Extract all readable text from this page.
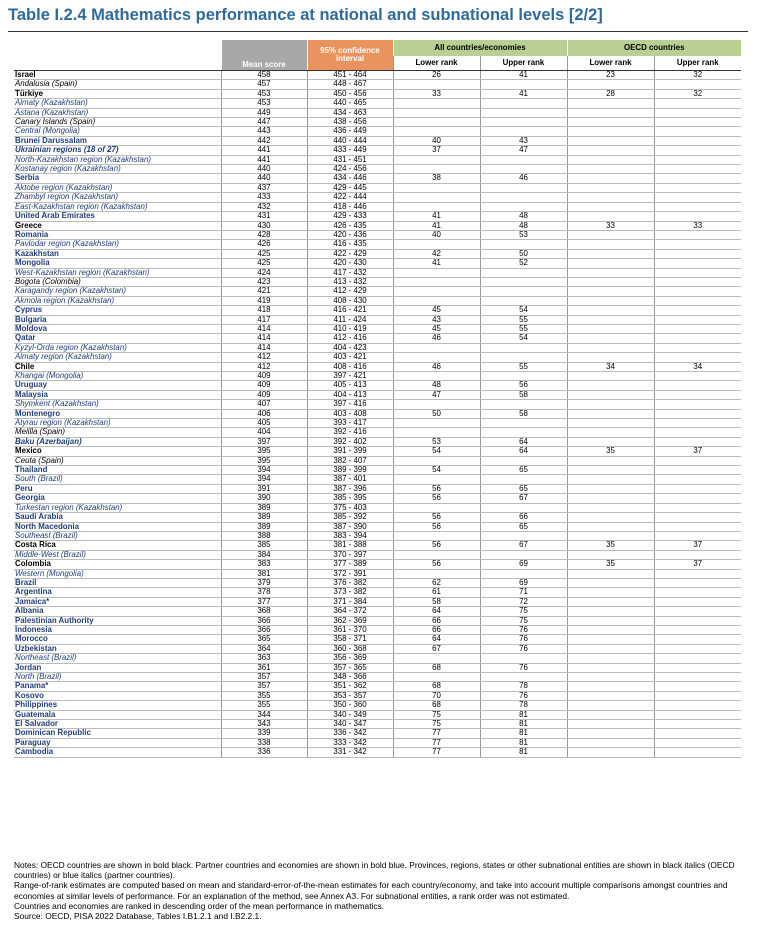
Table I.2.4 Mathematics performance at national and subnational levels [2/2]
	Mean score	95% confidence
interval	All countries/economies		OECD countries	
			Lower rank	Upper rank	Lower rank	Upper rank
Israel	458	451 - 464	26	41	23	32
Andalusia (Spain)	457	448 - 467				
Türkiye	453	450 - 456	33	41	28	32
Almaty (Kazakhstan)	453	440 - 465				
Astana (Kazakhstan)	449	434 - 463				
Canary Islands (Spain)	447	438 - 456				
Central (Mongolia)	443	436 - 449				
Brunei Darussalam	442	440 - 444	40	43		
Ukrainian regions (18 of 27)	441	433 - 449	37	47		
North-Kazakhstan region (Kazakhstan)	441	431 - 451				
Kostanay region (Kazakhstan)	440	424 - 456				
Serbia	440	434 - 446	38	46		
Aktobe region (Kazakhstan)	437	429 - 445				
Zhambyl region (Kazakhstan)	433	422 - 444				
East-Kazakhstan region (Kazakhstan)	432	418 - 446				
United Arab Emirates	431	429 - 433	41	48		
Greece	430	426 - 435	41	48	33	33
Romania	428	420 - 436	40	53		
Pavlodar region (Kazakhstan)	426	416 - 435				
Kazakhstan	425	422 - 429	42	50		
Mongolia	425	420 - 430	41	52		
West-Kazakhstan region (Kazakhstan)	424	417 - 432				
Bogota (Colombia)	423	413 - 432				
Karagandy region (Kazakhstan)	421	412 - 429				
Akmola region (Kazakhstan)	419	408 - 430				
Cyprus	418	416 - 421	45	54		
Bulgaria	417	411 - 424	43	55		
Moldova	414	410 - 419	45	55		
Qatar	414	412 - 416	46	54		
Kyzyl-Orda region (Kazakhstan)	414	404 - 423				
Almaty region (Kazakhstan)	412	403 - 421				
Chile	412	408 - 416	46	55	34	34
Khangai (Mongolia)	409	397 - 421				
Uruguay	409	405 - 413	48	56		
Malaysia	409	404 - 413	47	58		
Shymkent (Kazakhstan)	407	397 - 416				
Montenegro	406	403 - 408	50	58		
Atyrau region (Kazakhstan)	405	393 - 417				
Melilla (Spain)	404	392 - 416				
Baku (Azerbaijan)	397	392 - 402	53	64		
Mexico	395	391 - 399	54	64	35	37
Ceuta (Spain)	395	382 - 407				
Thailand	394	389 - 399	54	65		
South (Brazil)	394	387 - 401				
Peru	391	387 - 396	56	65		
Georgia	390	385 - 395	56	67		
Turkestan region (Kazakhstan)	389	375 - 403				
Saudi Arabia	389	385 - 392	56	66		
North Macedonia	389	387 - 390	56	65		
Southeast (Brazil)	388	383 - 394				
Costa Rica	385	381 - 388	56	67	35	37
Middle-West (Brazil)	384	370 - 397				
Colombia	383	377 - 389	56	69	35	37
Western (Mongolia)	381	372 - 391				
Brazil	379	376 - 382	62	69		
Argentina	378	373 - 382	61	71		
Jamaica*	377	371 - 384	58	72		
Albania	368	364 - 372	64	75		
Palestinian Authority	366	362 - 369	66	75		
Indonesia	366	361 - 370	66	76		
Morocco	365	358 - 371	64	76		
Uzbekistan	364	360 - 368	67	76		
Northeast (Brazil)	363	356 - 369				
Jordan	361	357 - 365	68	76		
North (Brazil)	357	348 - 366				
Panama*	357	351 - 362	68	78		
Kosovo	355	353 - 357	70	76		
Philippines	355	350 - 360	68	78		
Guatemala	344	340 - 349	75	81		
El Salvador	343	340 - 347	75	81		
Dominican Republic	339	336 - 342	77	81		
Paraguay	338	333 - 342	77	81		
Cambodia	336	331 - 342	77	81		

Notes: OECD countries are shown in bold black. Partner countries and economies are shown in bold blue. Provinces, regions, states or other subnational entities are shown in black italics (OECD countries) or blue italics (partner countries).

Range-of-rank estimates are computed based on mean and standard-error-of-the-mean estimates for each country/economy, and take into account multiple comparisons amongst countries and economies at similar levels of performance. For an explanation of the method, see Annex A3. For subnational entities, a rank order was not estimated.

Countries and economies are ranked in descending order of the mean performance in mathematics.

Source: OECD, PISA 2022 Database, Tables I.B1.2.1 and I.B2.2.1.
